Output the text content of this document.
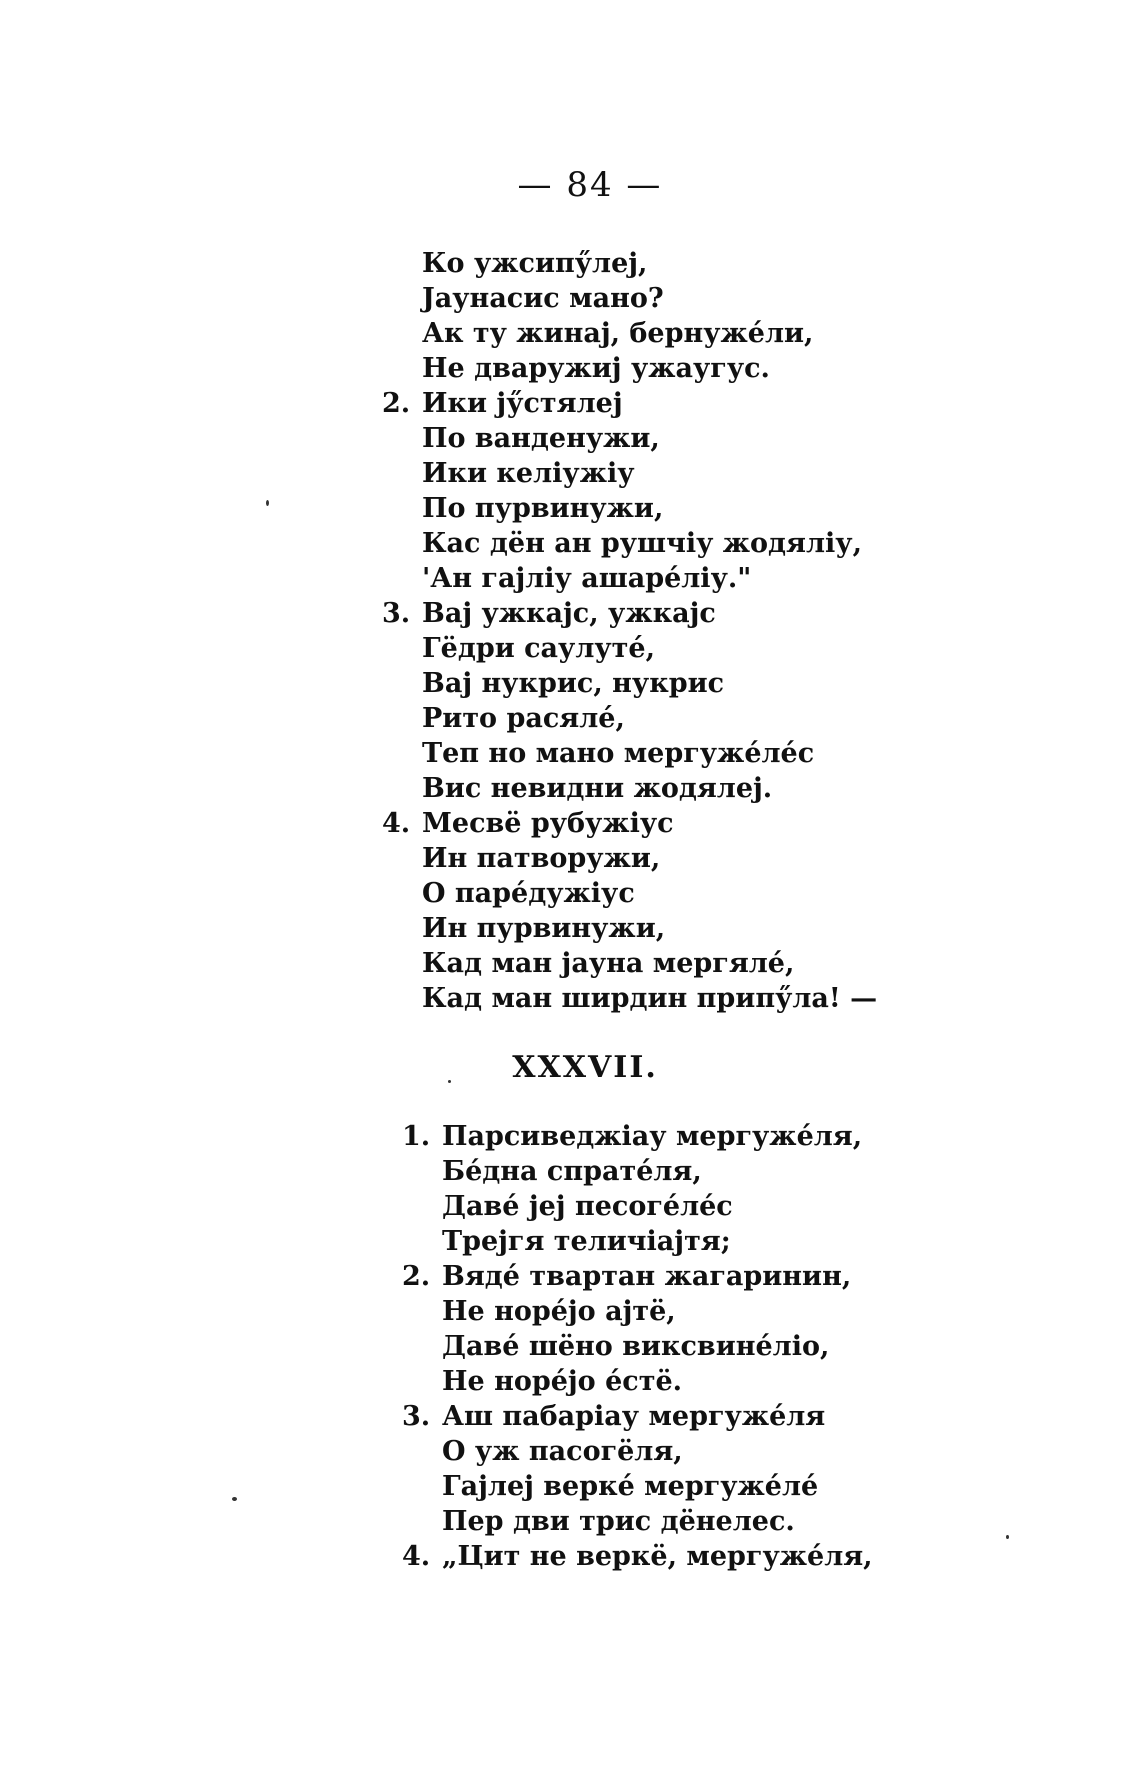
— 84 —
Ко ужсипӳлej,
Јаунасис мано?
Ак ту жинај, бернужéли,
Не дваружиј ужаугус.
2. Ики јӳстялеј
По ванденужи,
Ики келіужіу
По пурвинужи,
Кас дён ан рушчіу жодяліу,
'Ан гајліу ашарéліу."
3. Вај ужкајс, ужкајс
Гёдри саулуте́,
Вај нукрис, нукрис
Рито расяле́,
Теп но мано мергужéлéс
Вис невидни жодялеј.
4. Месвё рубужіус
Ин патворужи,
О парéдужіус
Ин пурвинужи,
Кад ман јауна мергялé,
Кад ман ширдин припӳла! —
XXXVII.
1. Парсиведжіау мергужéля,
Бéдна спратéля,
Давé јеј песогéлéс
Трејгя теличіајтя;
2. Вядé твартан жагаринин,
Не норéјо ајтё,
Давé шёно виксвинéліо,
Не норéјо éстё.
3. Аш пабаріау мергужéля
О уж пасогёля,
Гајлеј веркé мергужéлé
Пер дви трис дёнелес.
4. „Цит не веркё, мергужéля,
